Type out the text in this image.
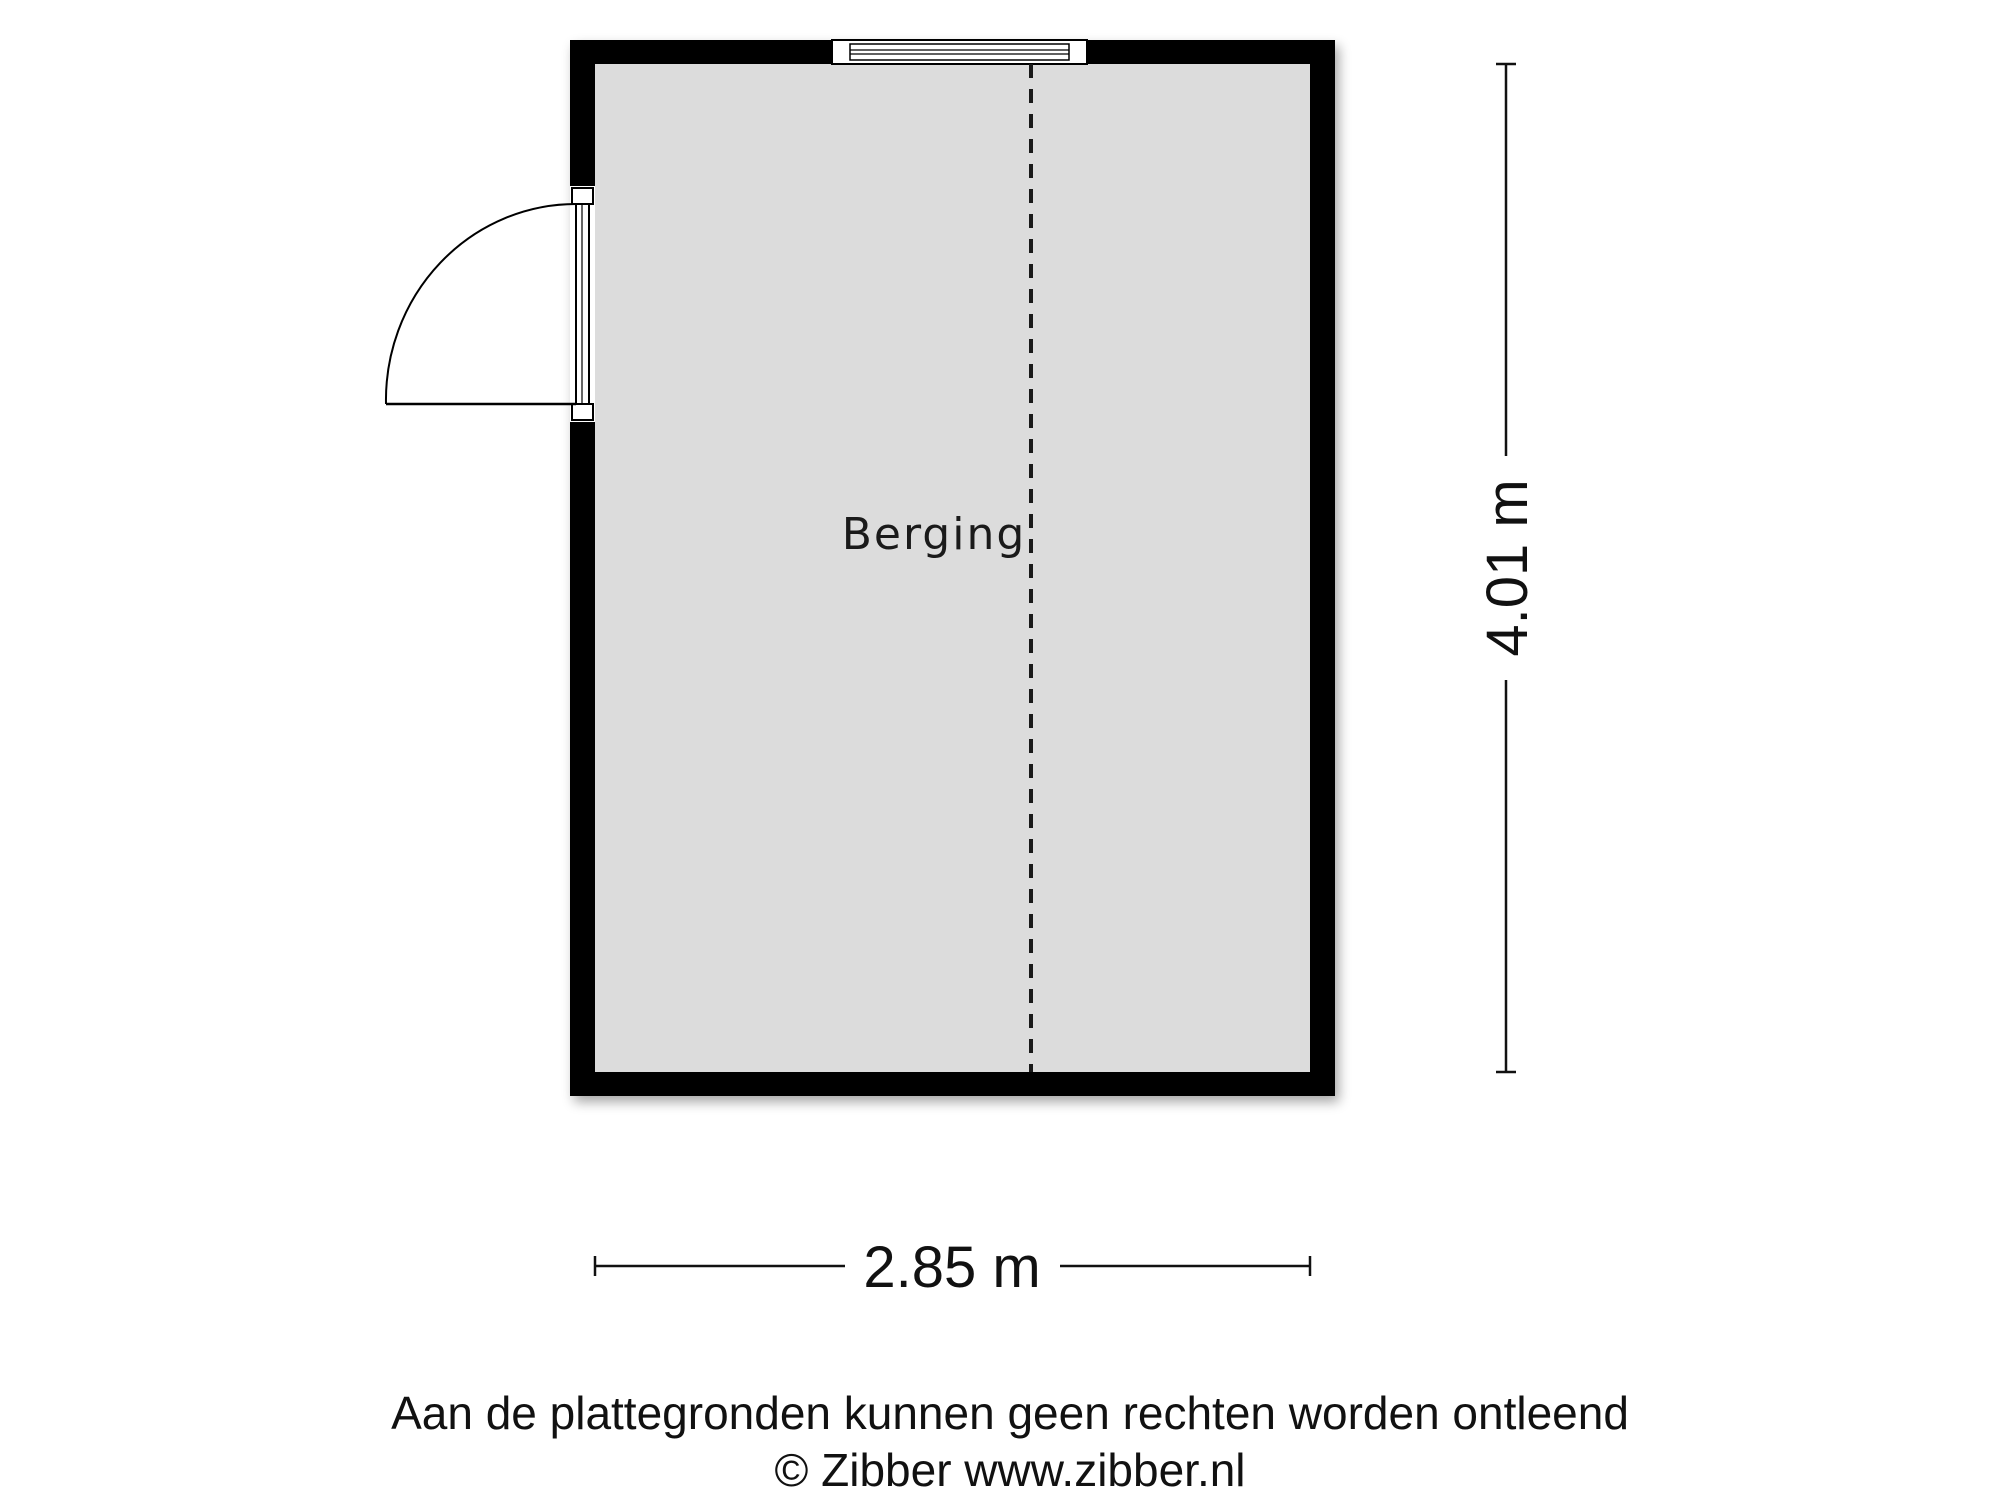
Berging
2.85 m
4.01 m
Aan de plattegronden kunnen geen rechten worden ontleend
© Zibber www.zibber.nl
